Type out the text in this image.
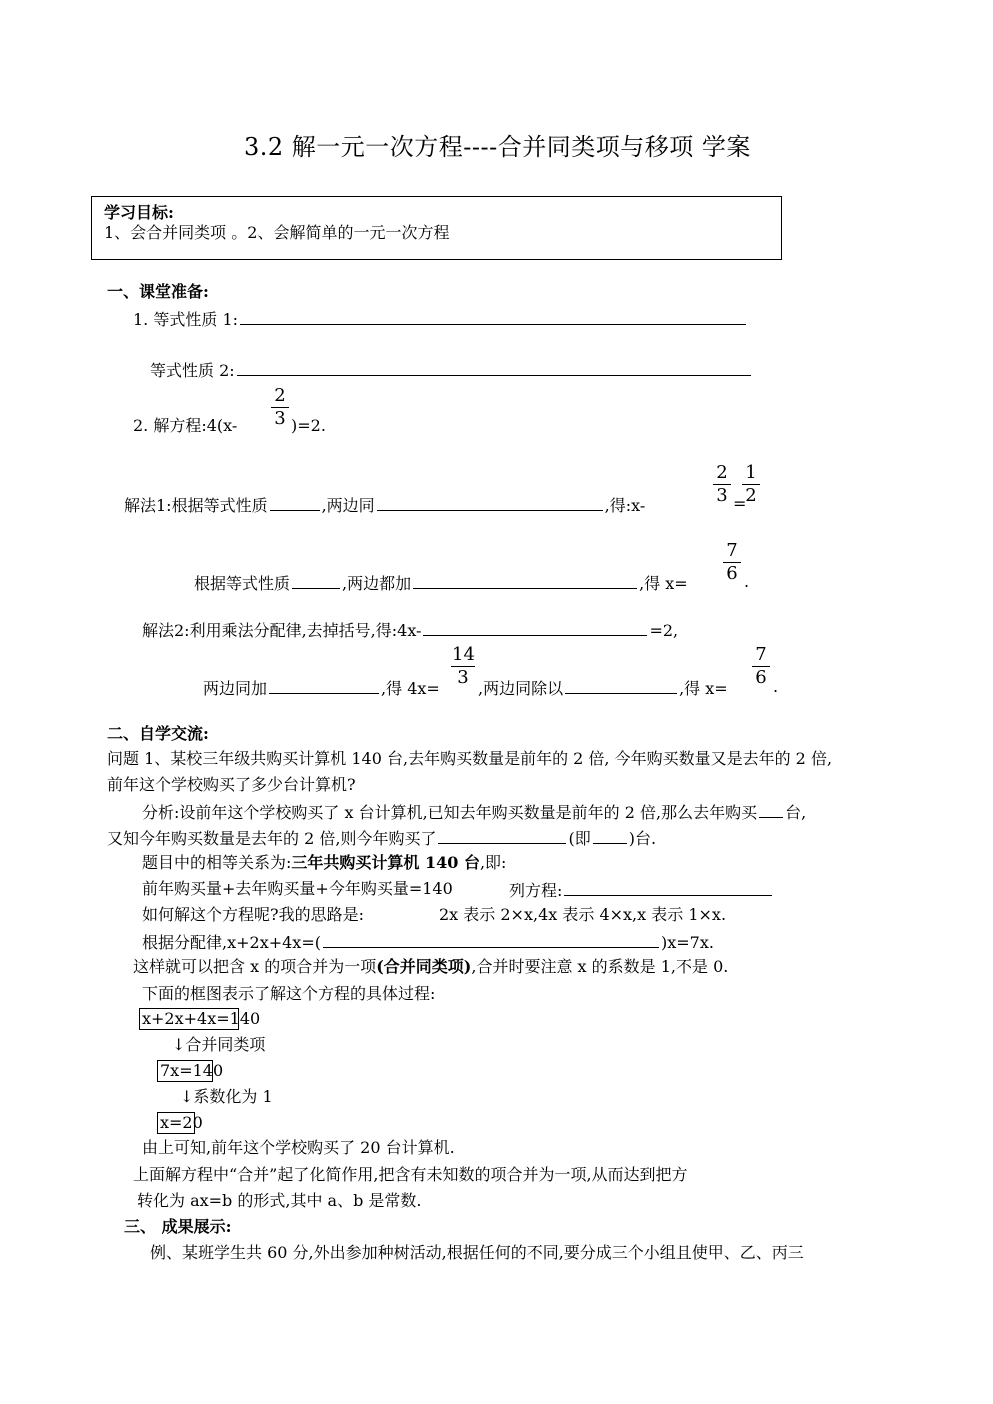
3.2 解一元一次方程----合并同类项与移项 学案
学习目标:
1、会合并同类项 。2、会解简单的一元一次方程
一、课堂准备:
1. 等式性质 1:
等式性质 2:
2. 解方程:4(x- $\frac{2}{3} )=2$.
解法1:根据等式性质	,两边同	,得:x-	$\frac{2}{3}$ =
$\frac{1}{2}$
根据等式性质	,两边都加	,得 $x= \frac{7}{6}$ .
解法2:利用乘法分配律,去掉括号,得:4x-	=2,
两边同加	,得 $4x= \frac{14}{3}$ ,两边同除以	,得 $x= \frac{7}{6}$ .
二、自学交流:
问题 1、某校三年级共购买计算机 140 台,去年购买数量是前年的 2 倍, 今年购买数量又是去年的 2 倍,
前年这个学校购买了多少台计算机?
分析:设前年这个学校购买了 x 台计算机,已知去年购买数量是前年的 2 倍,那么去年购买 台,
又知今年购买数量是去年的 2 倍,则今年购买了	(即 )台.
题目中的相等关系为:三年共购买计算机 140 台,即:
前年购买量+去年购买量+今年购买量=140	列方程:
如何解这个方程呢?我的思路是:	2x 表示 2×x,4x 表示 4×x,x 表示 1×x.
根据分配律,x+2x+4x=(	)x=7x.
这样就可以把含 x 的项合并为一项(合并同类项),合并时要注意 x 的系数是 1,不是 0.
下面的框图表示了解这个方程的具体过程:
x+2x+4x=140
↓合并同类项
7x=140
↓系数化为 1
x=20
由上可知,前年这个学校购买了 20 台计算机.
上面解方程中“合并”起了化简作用,把含有未知数的项合并为一项,从而达到把方
转化为 ax=b 的形式,其中 a、b 是常数.
三、 成果展示:
例、某班学生共 60 分,外出参加种树活动,根据任何的不同,要分成三个小组且使甲、乙、丙三
